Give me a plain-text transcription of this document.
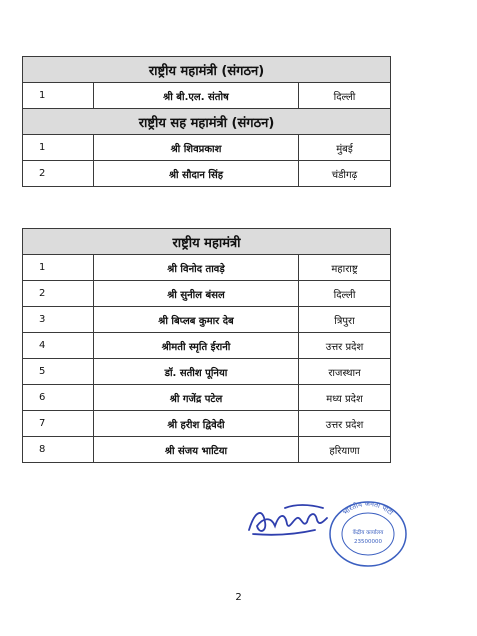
राष्ट्रीय महामंत्री (संगठन)		
1	श्री बी.एल. संतोष	दिल्ली
राष्ट्रीय सह महामंत्री (संगठन)		
1	श्री शिवप्रकाश	मुंबई
2	श्री सौदान सिंह	चंडीगढ़
राष्ट्रीय महामंत्री		
1	श्री विनोद तावड़े	महाराष्ट्र
2	श्री सुनील बंसल	दिल्ली
3	श्री बिप्लब कुमार देब	त्रिपुरा
4	श्रीमती स्मृति ईरानी	उत्तर प्रदेश
5	डॉ. सतीश पूनिया	राजस्थान
6	श्री गजेंद्र पटेल	मध्य प्रदेश
7	श्री हरीश द्विवेदी	उत्तर प्रदेश
8	श्री संजय भाटिया	हरियाणा
भारतीय जनता पार्टी
केंद्रीय कार्यालय
23500000
2
